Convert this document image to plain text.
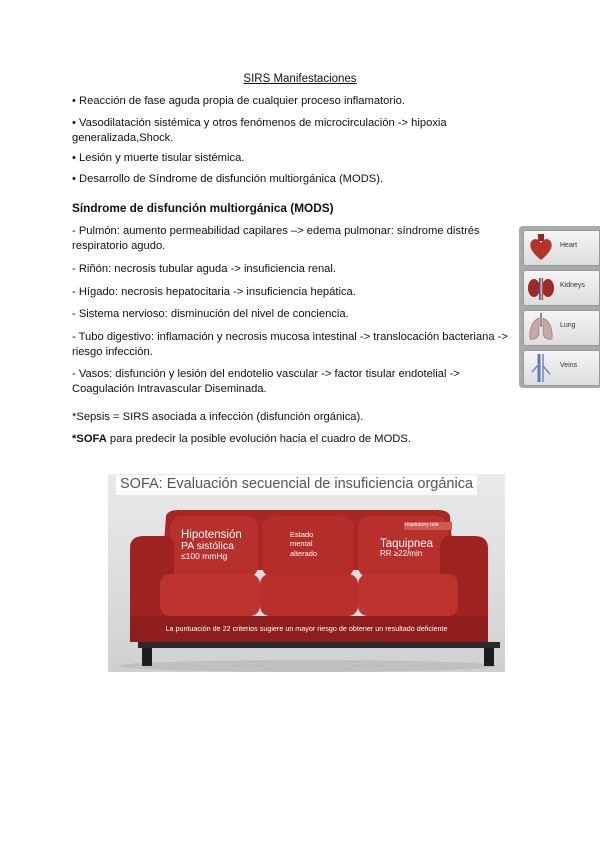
SIRS Manifestaciones

• Reacción de fase aguda propia de cualquier proceso inflamatorio.

• Vasodilatación sistémica y otros fenómenos de microcirculación -> hipoxia generalizada,Shock.

• Lesión y muerte tisular sistémica.

• Desarrollo de Síndrome de disfunción multiorgánica (MODS).

Síndrome de disfunción multiorgánica (MODS)

- Pulmón: aumento permeabilidad capilares –> edema pulmonar: síndrome distrés respiratorio agudo.

- Riñón: necrosis tubular aguda -> insuficiencia renal.

- Hígado: necrosis hepatocitaria -> insuficiencia hepática.

- Sistema nervioso: disminución del nivel de conciencia.

- Tubo digestivo: inflamación y necrosis mucosa intestinal -> translocación bacteriana -> riesgo infección.

- Vasos: disfunción y lesión del endotelio vascular -> factor tisular endotelial -> Coagulación Intravascular Diseminada.

*Sepsis = SIRS asociada a infección (disfunción orgánica).

*SOFA para predecir la posible evolución hacia el cuadro de MODS.

Heart
Kidneys
Lung
Veins
SOFA: Evaluación secuencial de insuficiencia orgánica
Hipotensión
PA sistólica
≤100 mmHg
Estado
mental
alterado
respiratory rate
Taquipnea
RR ≥22/min
La puntuación de 22 criterios sugiere un mayor riesgo de obtener un resultado deficiente
